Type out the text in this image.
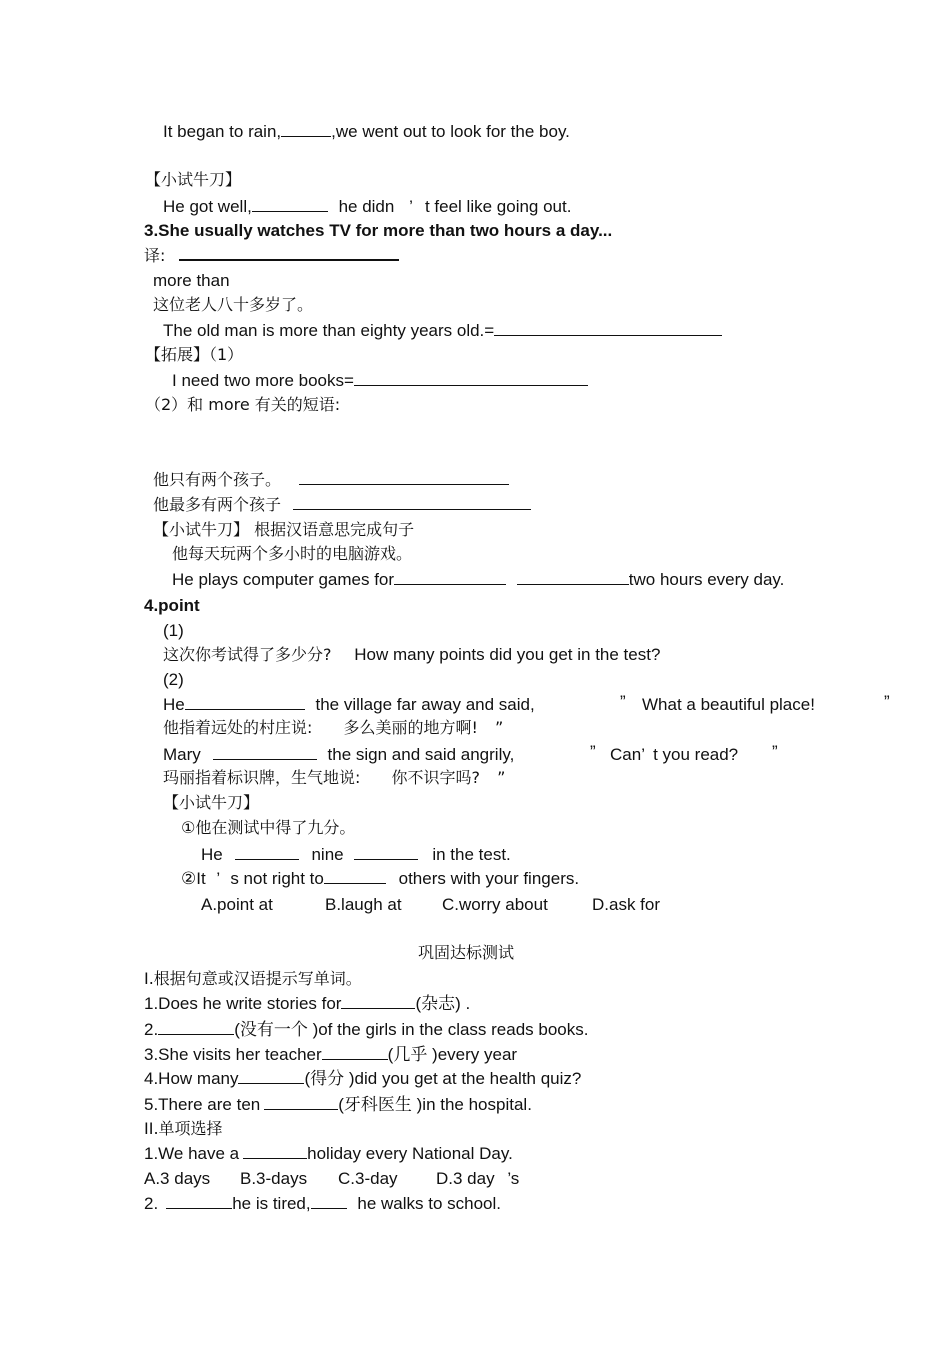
It began to rain,	,we went out to look for the boy.
【小试牛刀】
He got well,	he didn ’ t feel like going out.
3.She usually watches TV for more than two hours a day...
译:
more than
这位老人八十多岁了。
The old man is more than eighty years old.=
【拓展】（1）
I need two more books=
（2）和 more 有关的短语:
他只有两个孩子。
他最多有两个孩子
【小试牛刀】 根据汉语意思完成句子
他每天玩两个多小时的电脑游戏。
He plays computer games for	two hours every day.
4.point
(1)
这次你考试得了多少分? How many points did you get in the test?
(2)
He	the village far away and said,	” What a beautiful place!	”
他指着远处的村庄说: 多么美丽的地方啊! ”
Mary	the sign and said angrily,	” Can’ t you read? ”
玛丽指着标识牌，生气地说: 你不识字吗? ”
【小试牛刀】
①他在测试中得了九分。
He	nine	in the test.
②It ’ s not right to	others with your fingers.
A.point at	B.laugh at C.worry about	D.ask for
巩固达标测试
I.根据句意或汉语提示写单词。
1.Does he write stories for	(杂志) .
2.	(没有一个 )of the girls in the class reads books.
3.She visits her teacher	(几乎 )every year
4.How many	(得分 )did you get at the health quiz?
5.There are ten	(牙科医生 )in the hospital.
II.单项选择
1.We have a	holiday every National Day.
A.3 days B.3-days C.3-day D.3 day ’s
2.	he is tired,	he walks to school.
